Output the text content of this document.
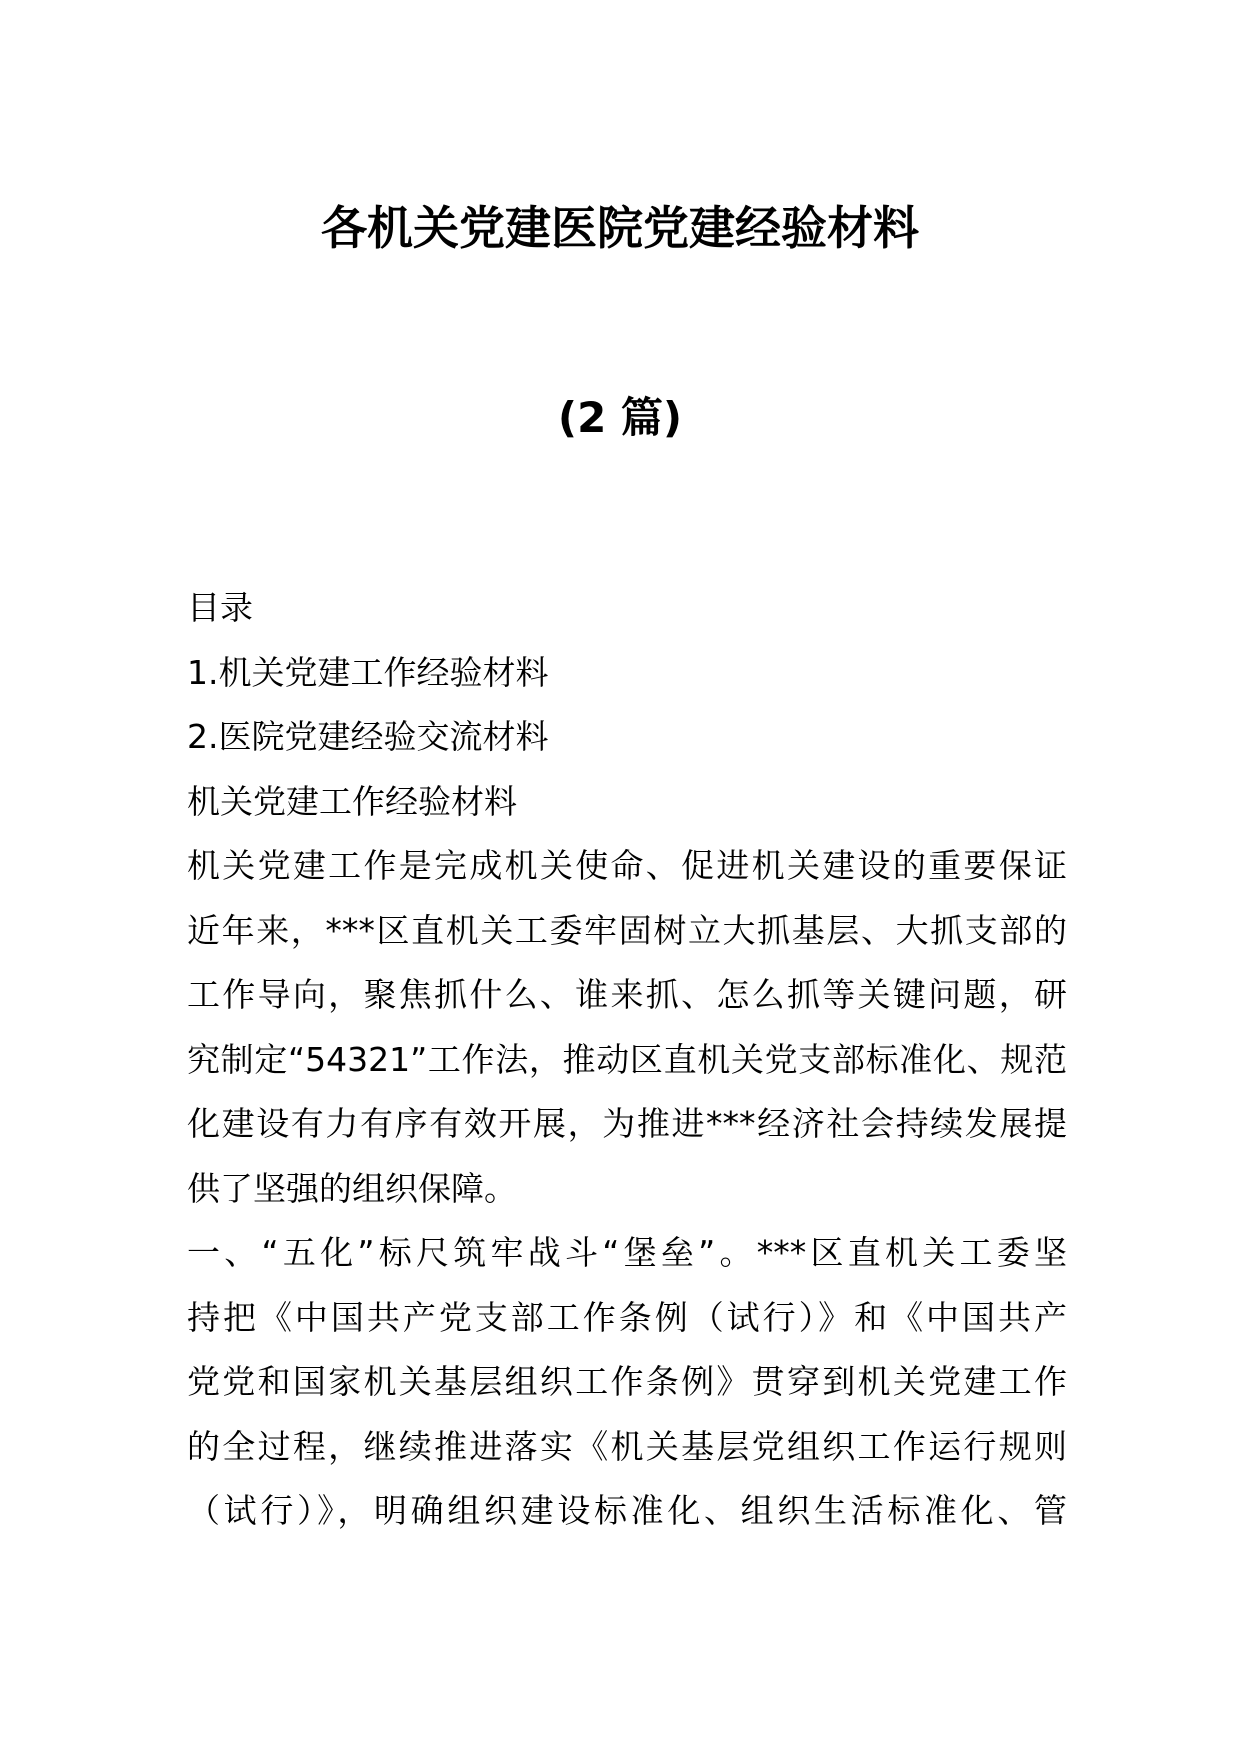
各机关党建医院党建经验材料
(2 篇)
目录
1.机关党建工作经验材料
2.医院党建经验交流材料
机关党建工作经验材料
机关党建工作是完成机关使命、促进机关建设的重要保证
近年来，***区直机关工委牢固树立大抓基层、大抓支部的
工作导向，聚焦抓什么、谁来抓、怎么抓等关键问题，研
究制定“54321”工作法，推动区直机关党支部标准化、规范
化建设有力有序有效开展，为推进***经济社会持续发展提
供了坚强的组织保障。
一、“五化”标尺筑牢战斗“堡垒”。***区直机关工委坚
持把《中国共产党支部工作条例（试行）》和《中国共产
党党和国家机关基层组织工作条例》贯穿到机关党建工作
的全过程，继续推进落实《机关基层党组织工作运行规则
（试行）》，明确组织建设标准化、组织生活标准化、管
